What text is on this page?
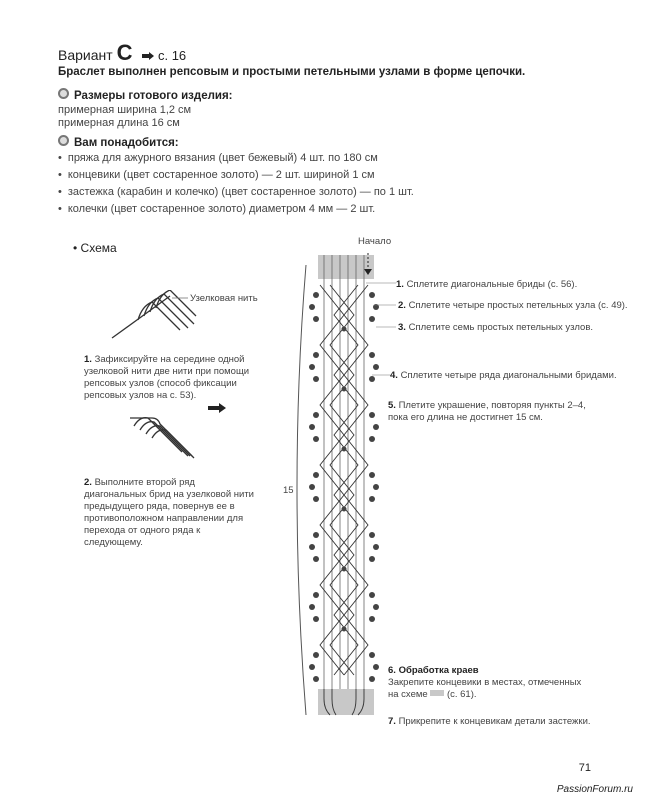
Вариант C с. 16
Браслет выполнен репсовым и простыми петельными узлами в форме цепочки.
Размеры готового изделия:
примерная ширина 1,2 см
примерная длина 16 см
Вам понадобится:
• пряжа для ажурного вязания (цвет бежевый) 4 шт. по 180 см
• концевики (цвет состаренное золото) — 2 шт. шириной 1 см
• застежка (карабин и колечко) (цвет состаренное золото) — по 1 шт.
• колечки (цвет состаренное золото) диаметром 4 мм — 2 шт.
• Схема
Узелковая нить
1. Зафиксируйте на середине одной узелковой нити две нити при помощи репсовых узлов (способ фиксации репсовых узлов на с. 53).
2. Выполните второй ряд диагональных брид на узелковой нити предыдущего ряда, повернув ее в противоположном направлении для перехода от одного ряда к следующему.
Начало
15
1. Сплетите диагональные бриды (с. 56).
2. Сплетите четыре простых петельных узла (с. 49).
3. Сплетите семь простых петельных узлов.
4. Сплетите четыре ряда диагональными бридами.
5. Плетите украшение, повторяя пункты 2–4, пока его длина не достигнет 15 см.
6. Обработка краев
Закрепите концевики в местах, отмеченных на схеме (с. 61).
7. Прикрепите к концевикам детали застежки.
71
PassionForum.ru
